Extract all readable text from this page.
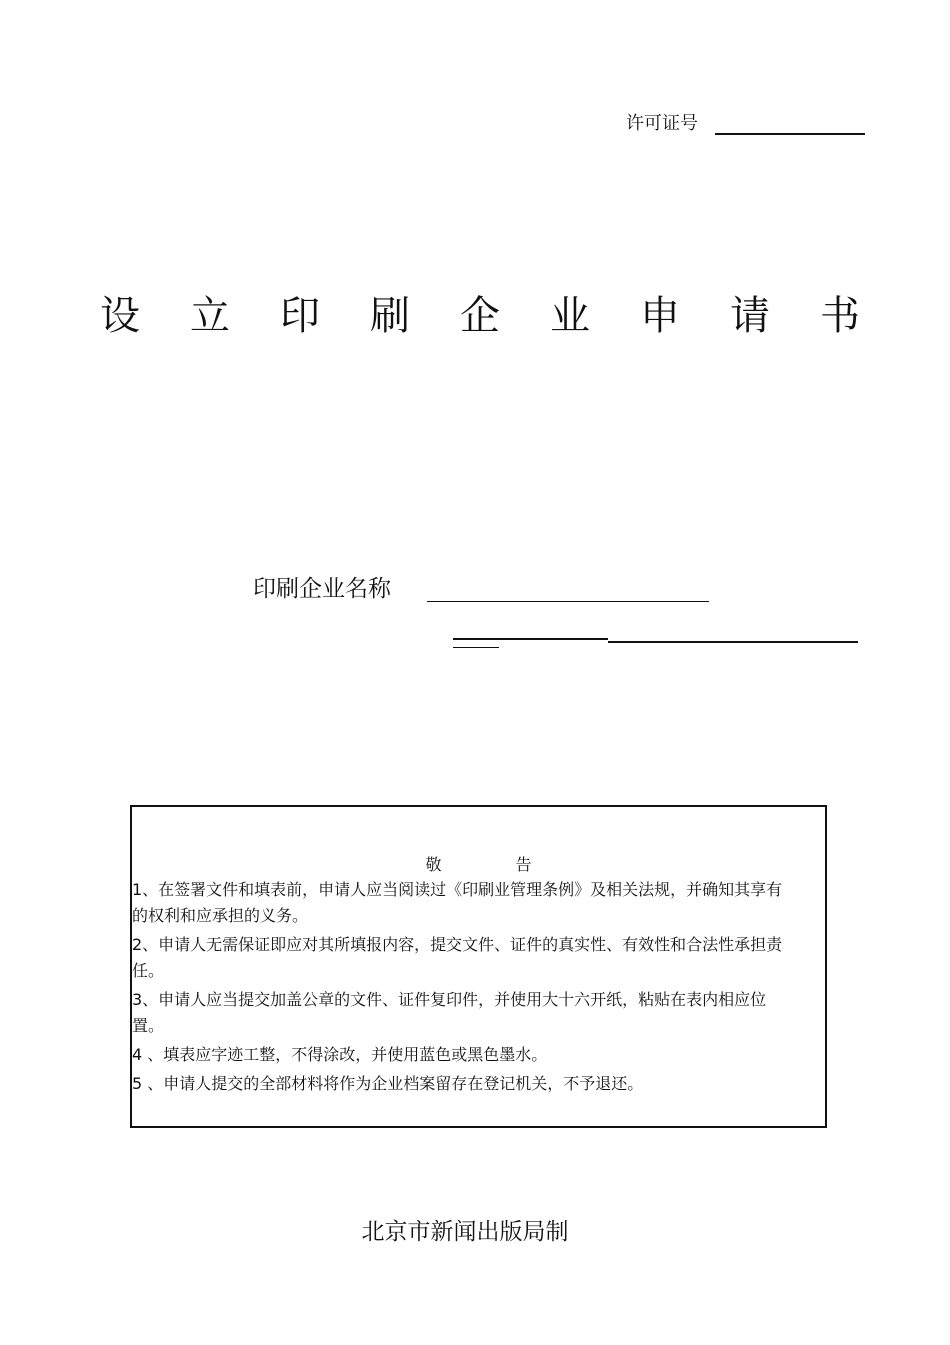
许可证号
设 立 印 刷 企 业 申 请 书
印刷企业名称
敬	告
1、在签署文件和填表前，申请人应当阅读过《印刷业管理条例》及相关法规，并确知其享有的权利和应承担的义务。
2、申请人无需保证即应对其所填报内容，提交文件、证件的真实性、有效性和合法性承担责任。
3、申请人应当提交加盖公章的文件、证件复印件，并使用大十六开纸，粘贴在表内相应位置。
4 、填表应字迹工整，不得涂改，并使用蓝色或黑色墨水。
5 、申请人提交的全部材料将作为企业档案留存在登记机关，不予退还。
北京市新闻出版局制
